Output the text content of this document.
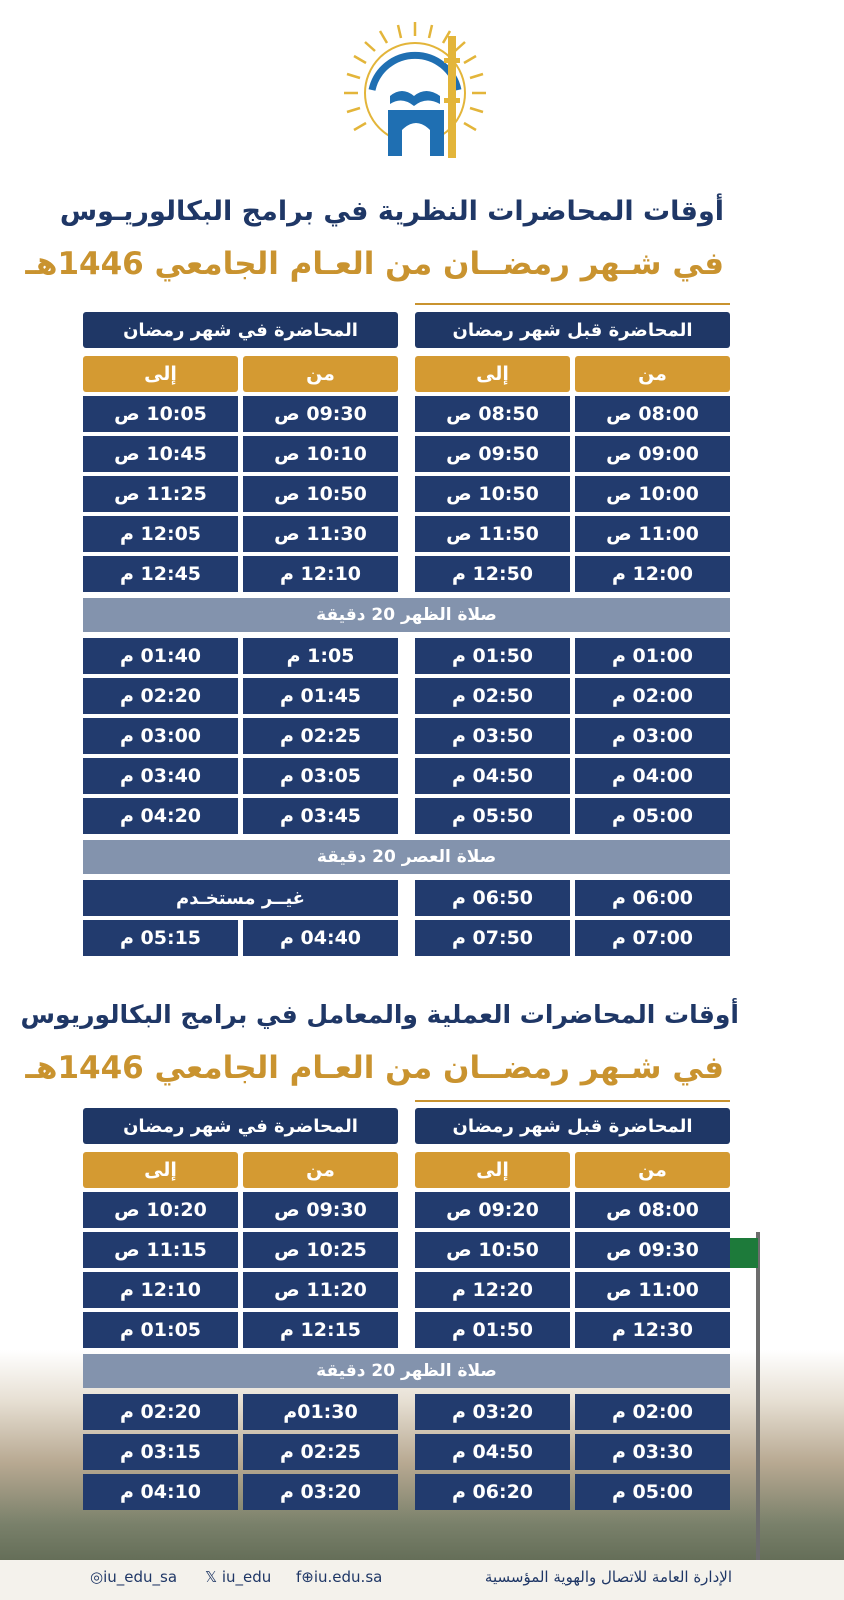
أوقات المحاضرات النظرية في برامج البكالوريـوس
في شـهر رمضــان من العـام الجامعي 1446هـ
المحاضرة في شهر رمضان	المحاضرة قبل شهر رمضان
إلى	من	إلى	من
10:05 ص	09:30 ص	08:50 ص	08:00 ص
10:45 ص	10:10 ص	09:50 ص	09:00 ص
11:25 ص	10:50 ص	10:50 ص	10:00 ص
12:05 م	11:30 ص	11:50 ص	11:00 ص
12:45 م	12:10 م	12:50 م	12:00 م
صلاة الظهر 20 دقيقة
01:40 م	1:05 م	01:50 م	01:00 م
02:20 م	01:45 م	02:50 م	02:00 م
03:00 م	02:25 م	03:50 م	03:00 م
03:40 م	03:05 م	04:50 م	04:00 م
04:20 م	03:45 م	05:50 م	05:00 م
صلاة العصر 20 دقيقة
غيــر مستخـدم	06:50 م	06:00 م
05:15 م	04:40 م	07:50 م	07:00 م
أوقات المحاضرات العملية والمعامل في برامج البكالوريوس
في شـهر رمضــان من العـام الجامعي 1446هـ
المحاضرة في شهر رمضان	المحاضرة قبل شهر رمضان
إلى	من	إلى	من
10:20 ص	09:30 ص	09:20 ص	08:00 ص
11:15 ص	10:25 ص	10:50 ص	09:30 ص
12:10 م	11:20 ص	12:20 م	11:00 ص
01:05 م	12:15 م	01:50 م	12:30 م
صلاة الظهر 20 دقيقة
02:20 م	01:30م	03:20 م	02:00 م
03:15 م	02:25 م	04:50 م	03:30 م
04:10 م	03:20 م	06:20 م	05:00 م
الإدارة العامة للاتصال والهوية المؤسسية
◎iu_edu_sa 𝕏 iu_edu f⊕iu.edu.sa
